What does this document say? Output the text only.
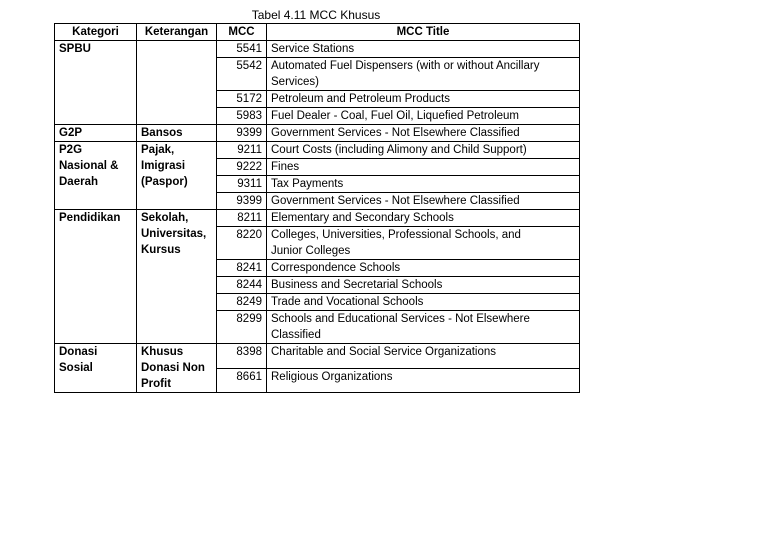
Tabel 4.11 MCC Khusus
Kategori	Keterangan	MCC	MCC Title

SPBU		5541	Service Stations

		5542	Automated Fuel Dispensers (with or without Ancillary
Services)

		5172	Petroleum and Petroleum Products

		5983	Fuel Dealer - Coal, Fuel Oil, Liquefied Petroleum

G2P	Bansos	9399	Government Services - Not Elsewhere Classified

P2G
Nasional &
Daerah	Pajak,
Imigrasi
(Paspor)	9211	Court Costs (including Alimony and Child Support)

		9222	Fines

		9311	Tax Payments

		9399	Government Services - Not Elsewhere Classified

Pendidikan	Sekolah,
Universitas,
Kursus	8211	Elementary and Secondary Schools

		8220	Colleges, Universities, Professional Schools, and
Junior Colleges

		8241	Correspondence Schools

		8244	Business and Secretarial Schools

		8249	Trade and Vocational Schools

		8299	Schools and Educational Services - Not Elsewhere
Classified

Donasi
Sosial	Khusus
Donasi Non
Profit	8398	Charitable and Social Service Organizations

		8661	Religious Organizations
